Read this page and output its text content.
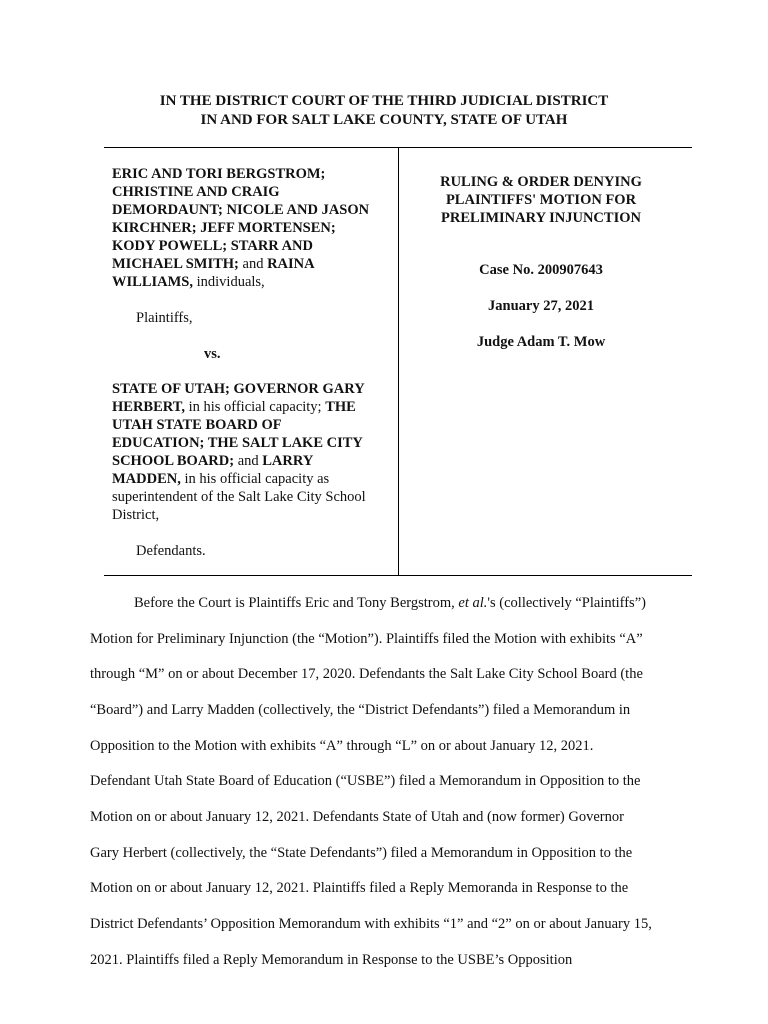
IN THE DISTRICT COURT OF THE THIRD JUDICIAL DISTRICT
IN AND FOR SALT LAKE COUNTY, STATE OF UTAH
ERIC AND TORI BERGSTROM;
CHRISTINE AND CRAIG
DEMORDAUNT; NICOLE AND JASON
KIRCHNER; JEFF MORTENSEN;
KODY POWELL; STARR AND
MICHAEL SMITH; and RAINA
WILLIAMS, individuals,
Plaintiffs,
vs.
STATE OF UTAH; GOVERNOR GARY
HERBERT, in his official capacity; THE
UTAH STATE BOARD OF
EDUCATION; THE SALT LAKE CITY
SCHOOL BOARD; and LARRY
MADDEN, in his official capacity as
superintendent of the Salt Lake City School
District,
Defendants.
RULING & ORDER DENYING
PLAINTIFFS' MOTION FOR
PRELIMINARY INJUNCTION
Case No. 200907643
January 27, 2021
Judge Adam T. Mow
Before the Court is Plaintiffs Eric and Tony Bergstrom, et al.'s (collectively “Plaintiffs”)
Motion for Preliminary Injunction (the “Motion”). Plaintiffs filed the Motion with exhibits “A”
through “M” on or about December 17, 2020. Defendants the Salt Lake City School Board (the
“Board”) and Larry Madden (collectively, the “District Defendants”) filed a Memorandum in
Opposition to the Motion with exhibits “A” through “L” on or about January 12, 2021.
Defendant Utah State Board of Education (“USBE”) filed a Memorandum in Opposition to the
Motion on or about January 12, 2021. Defendants State of Utah and (now former) Governor
Gary Herbert (collectively, the “State Defendants”) filed a Memorandum in Opposition to the
Motion on or about January 12, 2021. Plaintiffs filed a Reply Memoranda in Response to the
District Defendants’ Opposition Memorandum with exhibits “1” and “2” on or about January 15,
2021. Plaintiffs filed a Reply Memorandum in Response to the USBE’s Opposition
